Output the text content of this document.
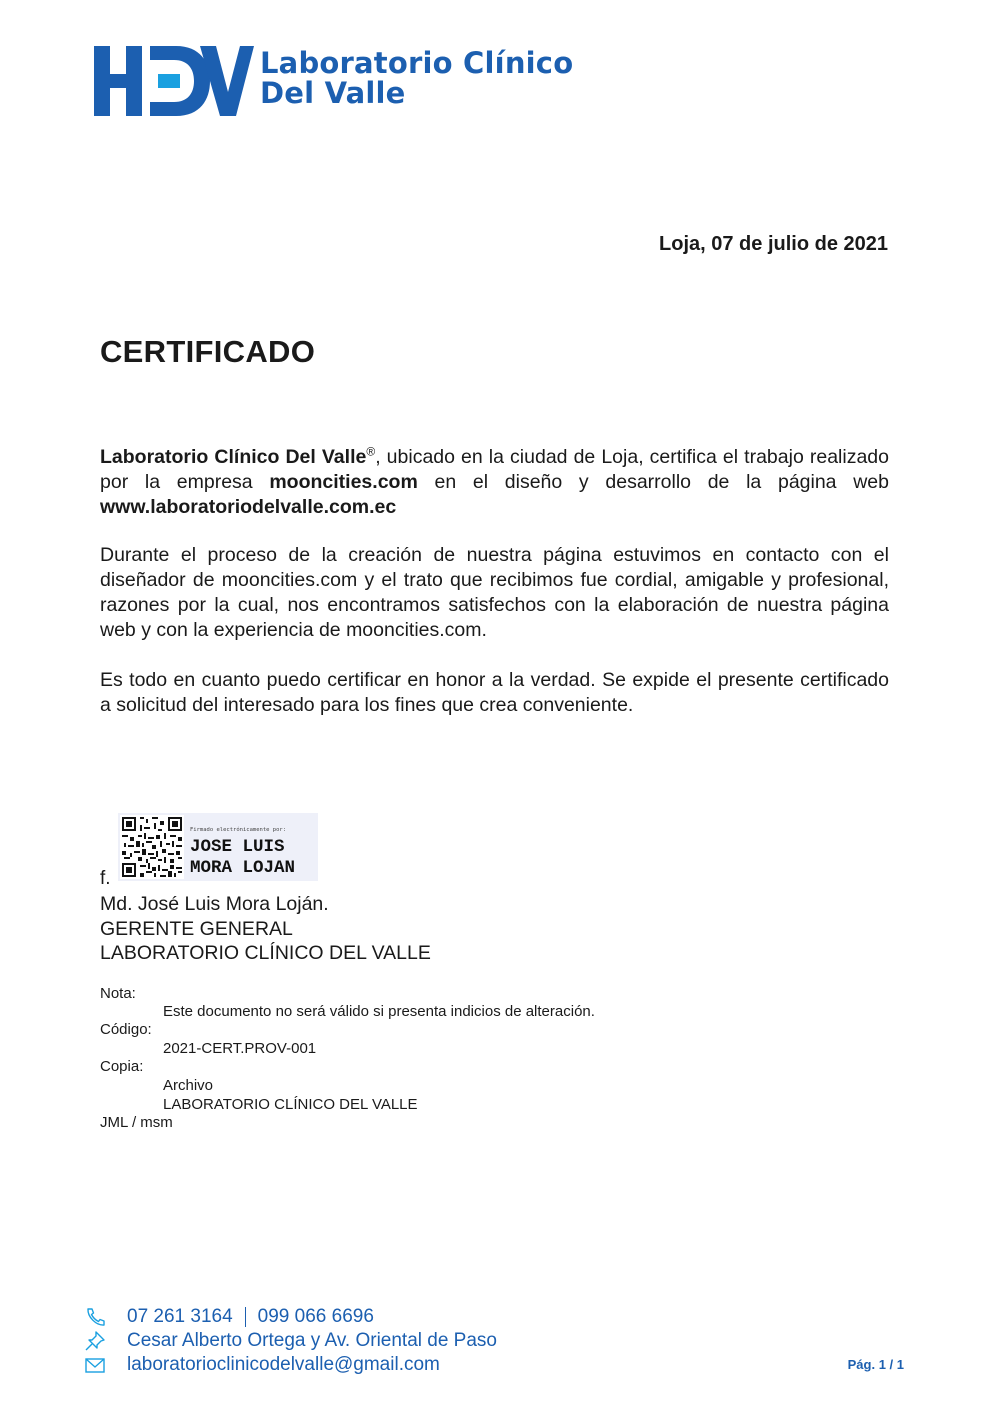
Laboratorio Clínico
Del Valle
Loja, 07 de julio de 2021
CERTIFICADO

Laboratorio Clínico Del Valle®, ubicado en la ciudad de Loja, certifica el trabajo realizado por la empresa mooncities.com en el diseño y desarrollo de la página web www.laboratoriodelvalle.com.ec

Durante el proceso de la creación de nuestra página estuvimos en contacto con el diseñador de mooncities.com y el trato que recibimos fue cordial, amigable y profesional, razones por la cual, nos encontramos satisfechos con la elaboración de nuestra página web y con la experiencia de mooncities.com.

Es todo en cuanto puedo certificar en honor a la verdad. Se expide el presente certificado a solicitud del interesado para los fines que crea conveniente.

Firmado electrónicamente por:
JOSE LUIS
MORA LOJAN
f.
Md. José Luis Mora Loján.
GERENTE GENERAL
LABORATORIO CLÍNICO DEL VALLE
Nota:
Este documento no será válido si presenta indicios de alteración.
Código:
2021-CERT.PROV-001
Copia:
Archivo
LABORATORIO CLÍNICO DEL VALLE
JML / msm
07 261 3164 099 066 6696
Cesar Alberto Ortega y Av. Oriental de Paso
laboratorioclinicodelvalle@gmail.com	Pág. 1 / 1
